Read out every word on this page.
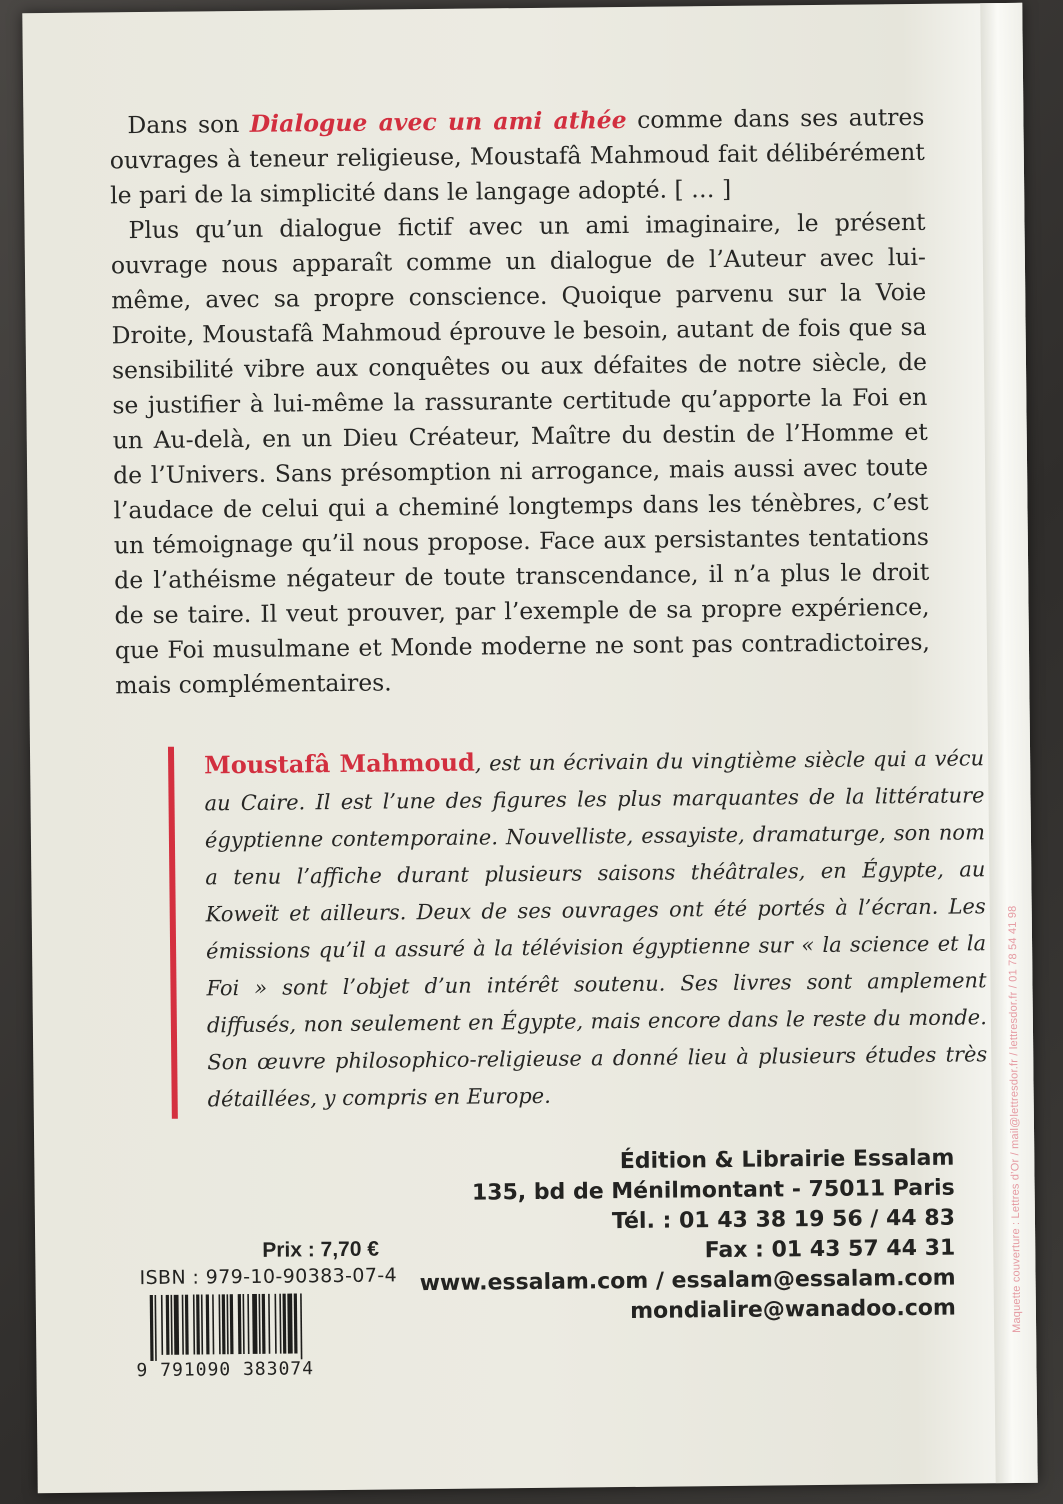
Maquette couverture : Lettres d’Or / mail@lettresdor.fr / lettresdor.fr / 01 78 54 41 98

Dans son Dialogue avec un ami athée comme dans ses autres ouvrages à teneur religieuse, Moustafâ Mahmoud fait délibérément le pari de la simplicité dans le langage adopté. [ … ]

Plus qu’un dialogue fictif avec un ami imaginaire, le présent ouvrage nous apparaît comme un dialogue de l’Auteur avec lui-même, avec sa propre conscience. Quoique parvenu sur la Voie Droite, Moustafâ Mahmoud éprouve le besoin, autant de fois que sa sensibilité vibre aux conquêtes ou aux défaites de notre siècle, de se justifier à lui-même la rassurante certitude qu’apporte la Foi en un Au-delà, en un Dieu Créateur, Maître du destin de l’Homme et de l’Univers. Sans présomption ni arrogance, mais aussi avec toute l’audace de celui qui a cheminé longtemps dans les ténèbres, c’est un témoignage qu’il nous propose. Face aux persistantes tentations de l’athéisme négateur de toute transcendance, il n’a plus le droit de se taire. Il veut prouver, par l’exemple de sa propre expérience, que Foi musulmane et Monde moderne ne sont pas contradictoires, mais complémentaires.

Moustafâ Mahmoud, est un écrivain du vingtième siècle qui a vécu au Caire. Il est l’une des figures les plus marquantes de la littérature égyptienne contemporaine. Nouvelliste, essayiste, dramaturge, son nom a tenu l’affiche durant plusieurs saisons théâtrales, en Égypte, au Koweït et ailleurs. Deux de ses ouvrages ont été portés à l’écran. Les émissions qu’il a assuré à la télévision égyptienne sur « la science et la Foi » sont l’objet d’un intérêt soutenu. Ses livres sont amplement diffusés, non seulement en Égypte, mais encore dans le reste du monde. Son œuvre philosophico-religieuse a donné lieu à plusieurs études très détaillées, y compris en Europe.
Prix : 7,70 €
ISBN : 979-10-90383-07-4
9 791090 383074
Édition & Librairie Essalam
135, bd de Ménilmontant - 75011 Paris
Tél. : 01 43 38 19 56 / 44 83
Fax : 01 43 57 44 31
www.essalam.com / essalam@essalam.com
mondialire@wanadoo.com
